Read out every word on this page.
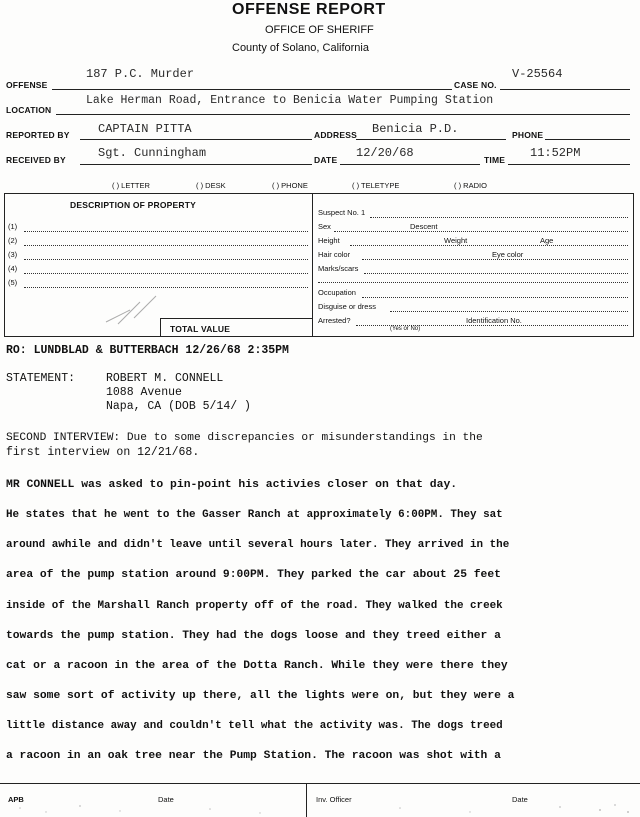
OFFENSE REPORT
OFFICE OF SHERIFF
County of Solano, California
OFFENSE
187 P.C. Murder
CASE NO.
V-25564
LOCATION
Lake Herman Road, Entrance to Benicia Water Pumping Station
REPORTED BY CAPTAIN PITTA	ADDRESS Benicia P.D.	PHONE
RECEIVED BY	Sgt. Cunningham	DATE 12/20/68	TIME 11:52PM
( ) LETTER	( ) DESK	( ) PHONE	( ) TELETYPE	( ) RADIO
DESCRIPTION OF PROPERTY
(1)
(2)
(3)
(4)
(5)
TOTAL VALUE
Suspect No. 1
Sex	Descent
Height	Weight	Age
Hair color	Eye color
Marks/scars
Occupation
Disguise or dress
Arrested?	Identification No.
(Yes or No)
RO: LUNDBLAD & BUTTERBACH 12/26/68 2:35PM
STATEMENT:	ROBERT M. CONNELL
1088 Avenue
Napa, CA (DOB 5/14/ )
SECOND INTERVIEW: Due to some discrepancies or misunderstandings in the
first interview on 12/21/68.
MR CONNELL was asked to pin-point his activies closer on that day.
He states that he went to the Gasser Ranch at approximately 6:00PM. They sat
around awhile and didn't leave until several hours later. They arrived in the
area of the pump station around 9:00PM. They parked the car about 25 feet
inside of the Marshall Ranch property off of the road. They walked the creek
towards the pump station. They had the dogs loose and they treed either a
cat or a racoon in the area of the Dotta Ranch. While they were there they
saw some sort of activity up there, all the lights were on, but they were a
little distance away and couldn't tell what the activity was. The dogs treed
a racoon in an oak tree near the Pump Station. The racoon was shot with a
APB	Date	Inv. Officer	Date
